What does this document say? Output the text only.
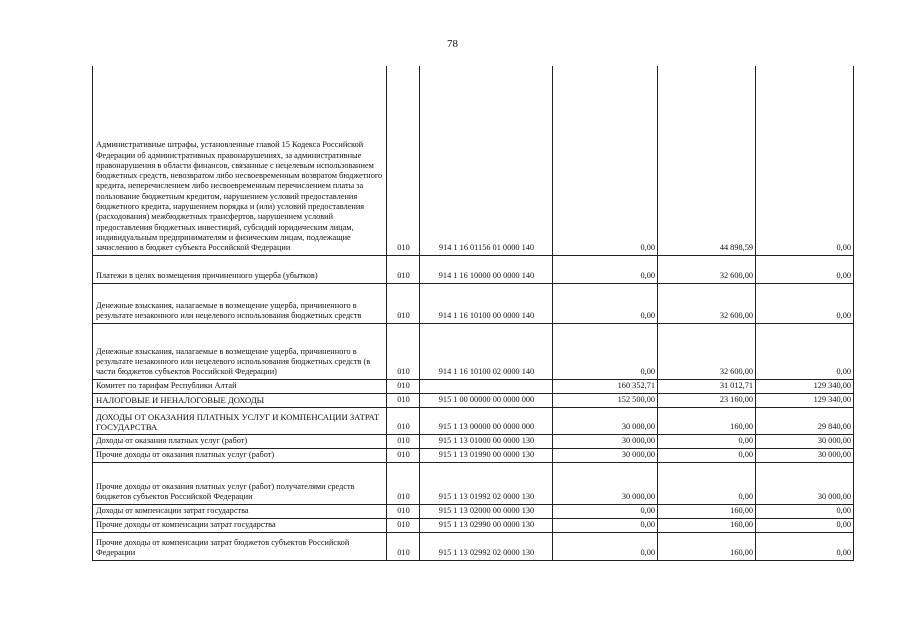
78
Административные штрафы, установленные главой 15 Кодекса Российской Федерации об административных правонарушениях, за административные правонарушения в области финансов, связанные с нецелевым использованием бюджетных средств, невозвратом либо несвоевременным возвратом бюджетного кредита, неперечислением либо несвоевременным перечислением платы за пользование бюджетным кредитом, нарушением условий предоставления бюджетного кредита, нарушением порядка и (или) условий предоставления (расходования) межбюджетных трансфертов, нарушением условий предоставления бюджетных инвестиций, субсидий юридическим лицам, индивидуальным предпринимателям и физическим лицам, подлежащие зачислению в бюджет субъекта Российской Федерации	010	914 1 16 01156 01 0000 140	0,00	44 898,59	0,00
Платежи в целях возмещения причиненного ущерба (убытков)	010	914 1 16 10000 00 0000 140	0,00	32 600,00	0,00
Денежные взыскания, налагаемые в возмещение ущерба, причиненного в результате незаконного или нецелевого использования бюджетных средств	010	914 1 16 10100 00 0000 140	0,00	32 600,00	0,00
Денежные взыскания, налагаемые в возмещение ущерба, причиненного в результате незаконного или нецелевого использования бюджетных средств (в части бюджетов субъектов Российской Федерации)	010	914 1 16 10100 02 0000 140	0,00	32 600,00	0,00
Комитет по тарифам Республики Алтай	010		160 352,71	31 012,71	129 340,00
НАЛОГОВЫЕ И НЕНАЛОГОВЫЕ ДОХОДЫ	010	915 1 00 00000 00 0000 000	152 500,00	23 160,00	129 340,00
ДОХОДЫ ОТ ОКАЗАНИЯ ПЛАТНЫХ УСЛУГ И КОМПЕНСАЦИИ ЗАТРАТ ГОСУДАРСТВА	010	915 1 13 00000 00 0000 000	30 000,00	160,00	29 840,00
Доходы от оказания платных услуг (работ)	010	915 1 13 01000 00 0000 130	30 000,00	0,00	30 000,00
Прочие доходы от оказания платных услуг (работ)	010	915 1 13 01990 00 0000 130	30 000,00	0,00	30 000,00
Прочие доходы от оказания платных услуг (работ) получателями средств бюджетов субъектов Российской Федерации	010	915 1 13 01992 02 0000 130	30 000,00	0,00	30 000,00
Доходы от компенсации затрат государства	010	915 1 13 02000 00 0000 130	0,00	160,00	0,00
Прочие доходы от компенсации затрат государства	010	915 1 13 02990 00 0000 130	0,00	160,00	0,00
Прочие доходы от компенсации затрат бюджетов субъектов Российской Федерации	010	915 1 13 02992 02 0000 130	0,00	160,00	0,00
